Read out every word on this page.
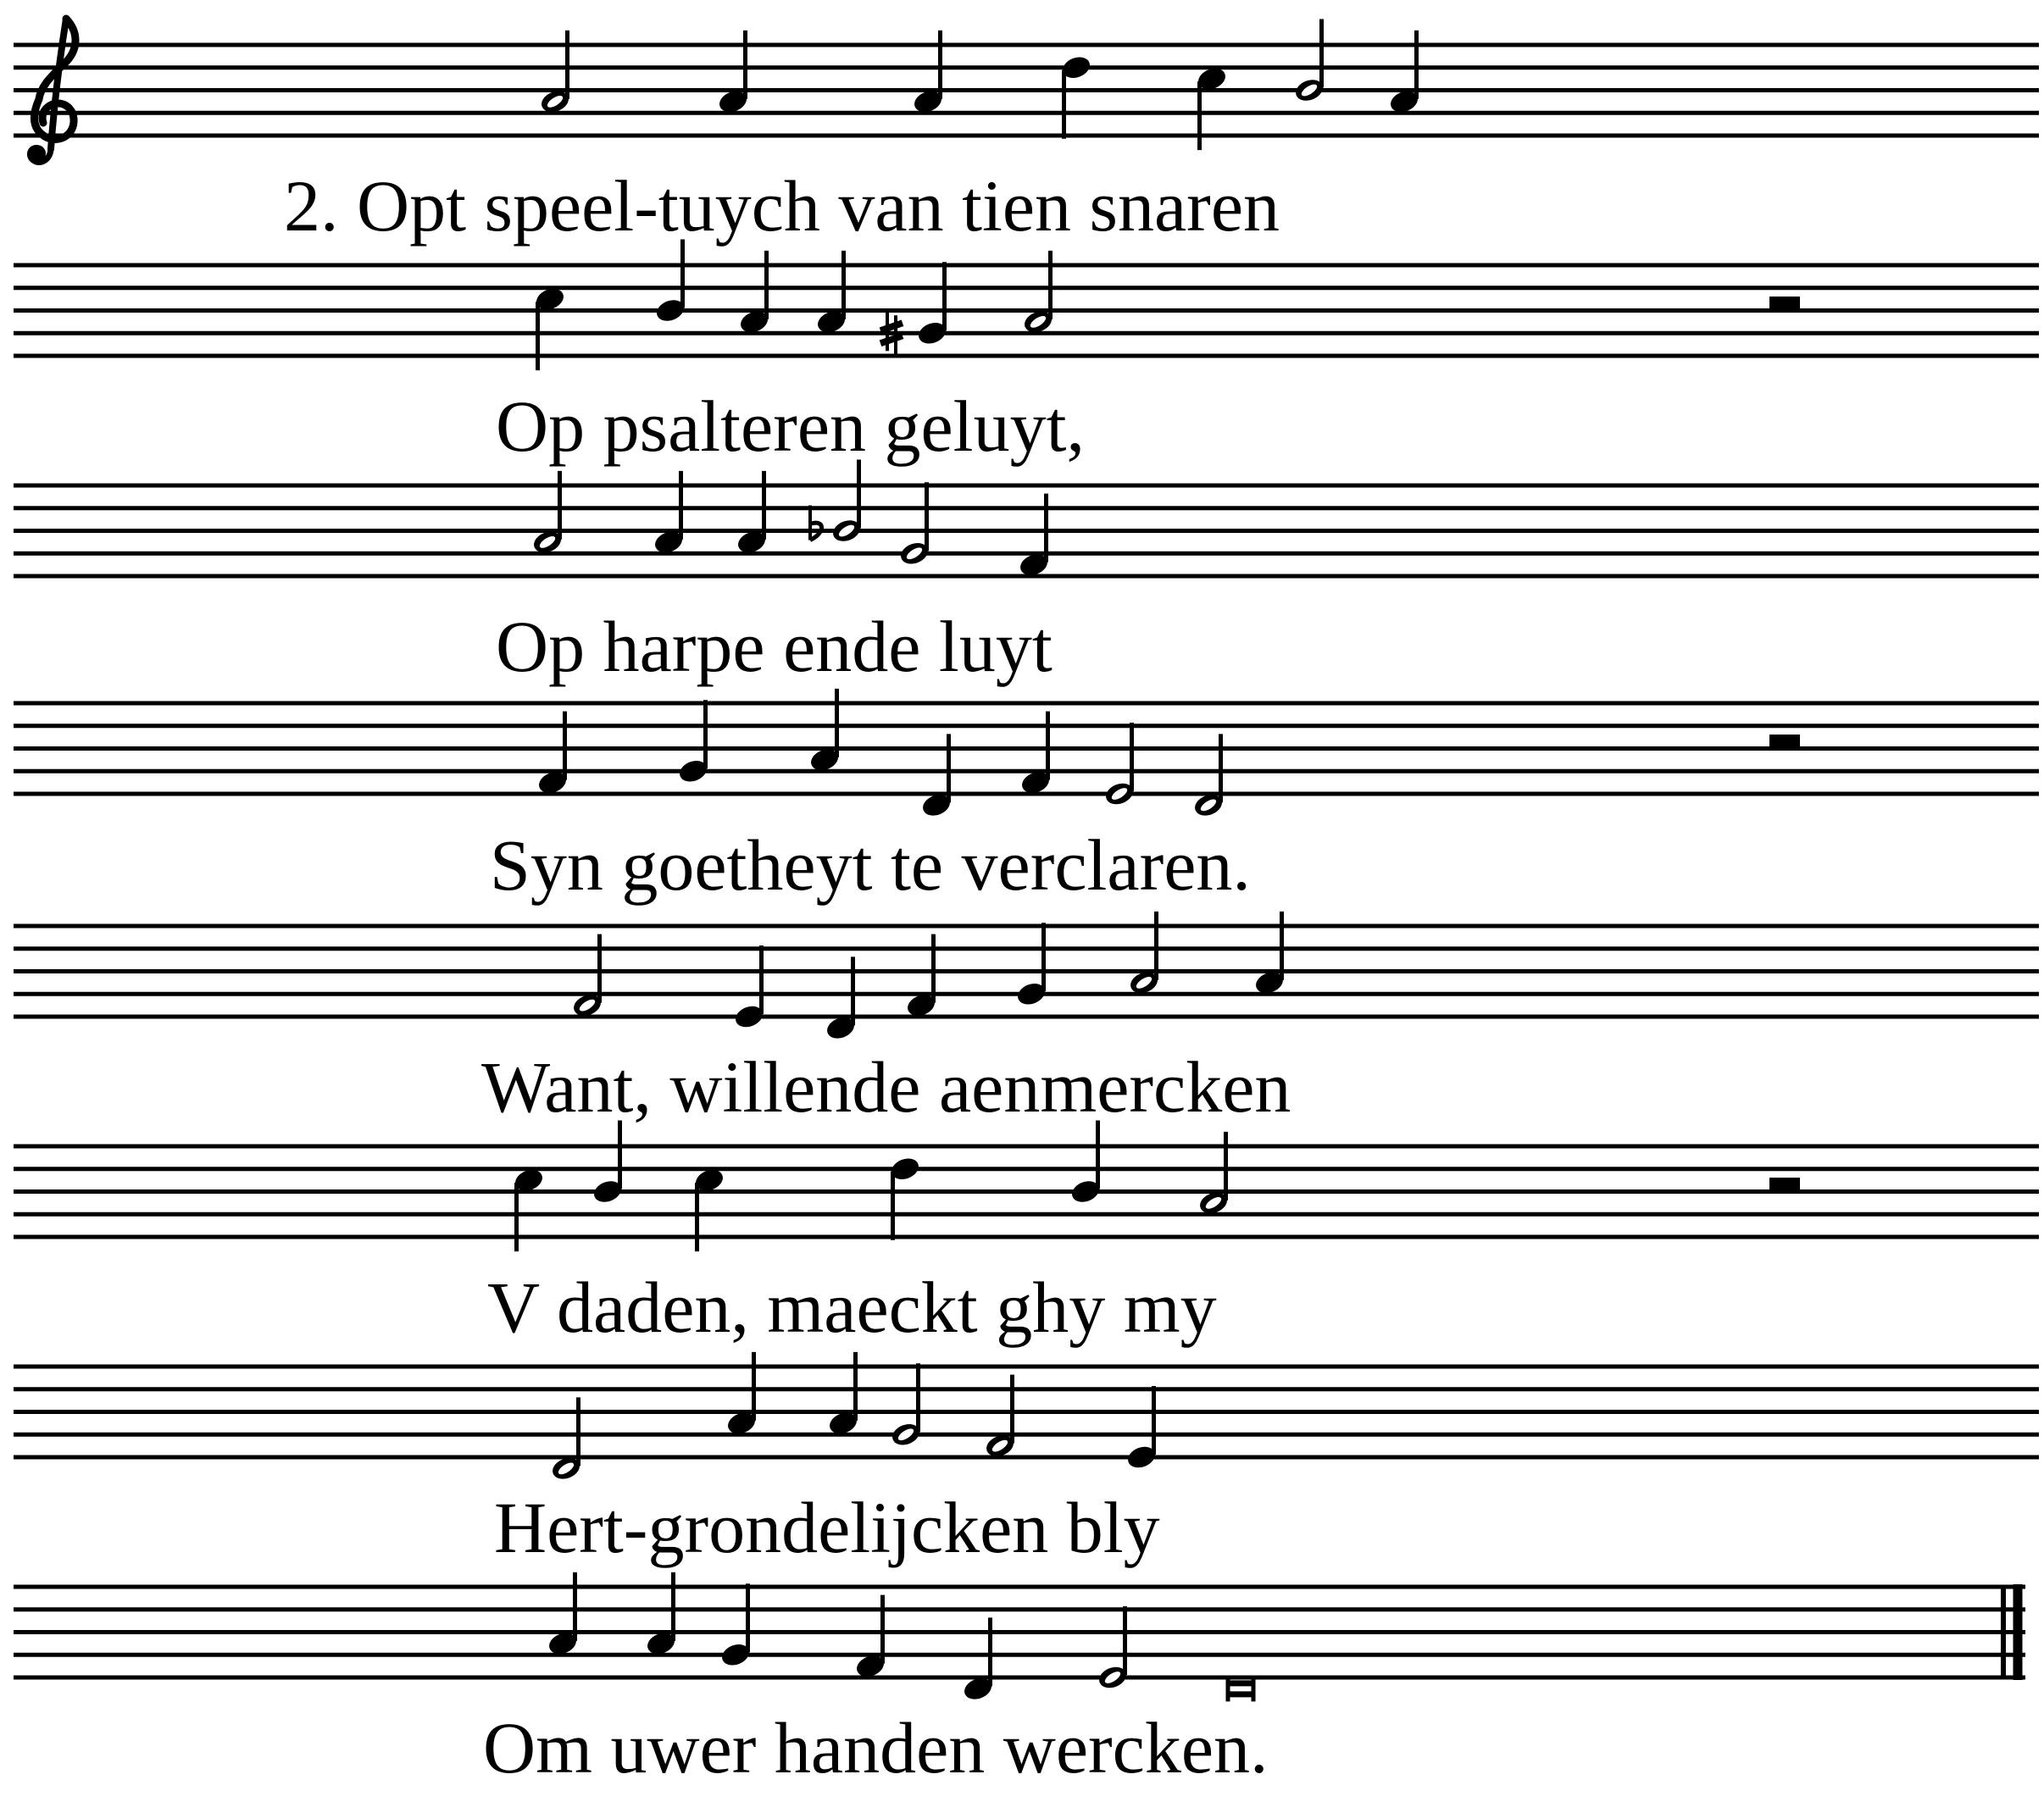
2. Opt speel-tuych van tien snaren
Op psalteren geluyt,
Op harpe ende luyt
Syn goetheyt te verclaren.
Want, willende aenmercken
V daden, maeckt ghy my
Hert-grondelijcken bly
Om uwer handen wercken.
